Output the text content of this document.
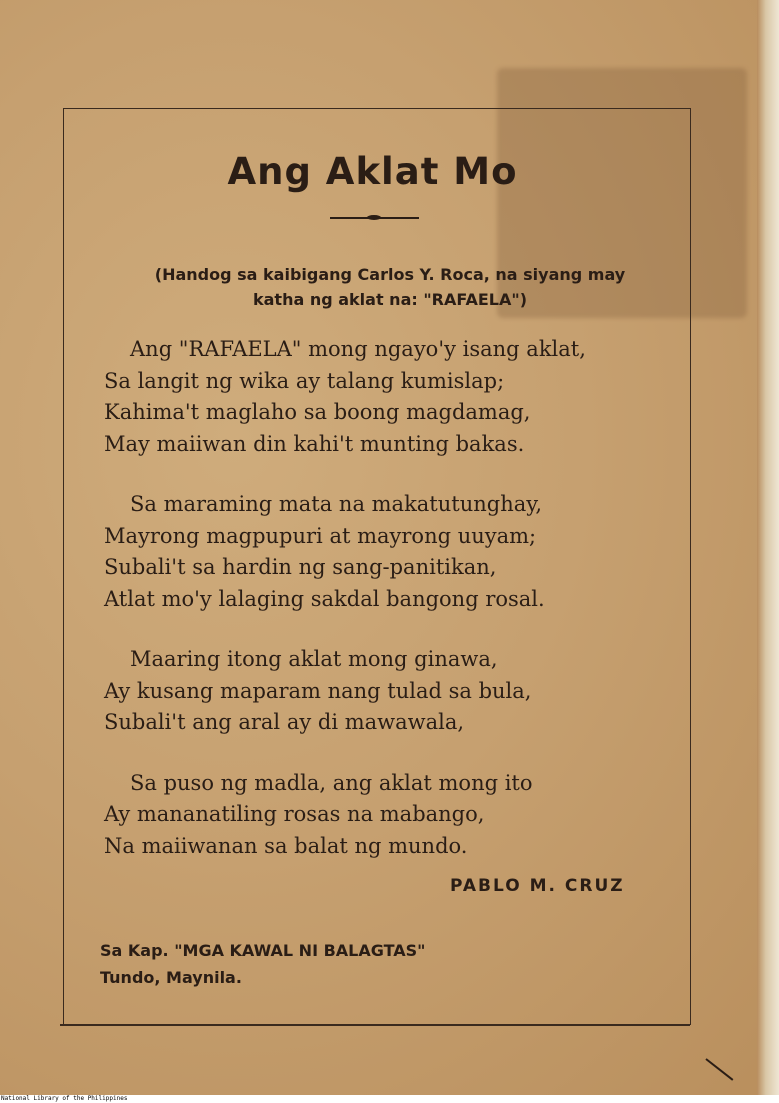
Ang Aklat Mo
(Handog sa kaibigang Carlos Y. Roca, na siyang may
katha ng aklat na: "RAFAELA")
Ang "RAFAELA" mong ngayo'y isang aklat,
Sa langit ng wika ay talang kumislap;
Kahima't maglaho sa boong magdamag,
May maiiwan din kahi't munting bakas.
Sa maraming mata na makatutunghay,
Mayrong magpupuri at mayrong uuyam;
Subali't sa hardin ng sang-panitikan,
Atlat mo'y lalaging sakdal bangong rosal.
Maaring itong aklat mong ginawa,
Ay kusang maparam nang tulad sa bula,
Subali't ang aral ay di mawawala,
Sa puso ng madla, ang aklat mong ito
Ay mananatiling rosas na mabango,
Na maiiwanan sa balat ng mundo.
PABLO M. CRUZ
Sa Kap. "MGA KAWAL NI BALAGTAS"
Tundo, Maynila.
National Library of the Philippines
